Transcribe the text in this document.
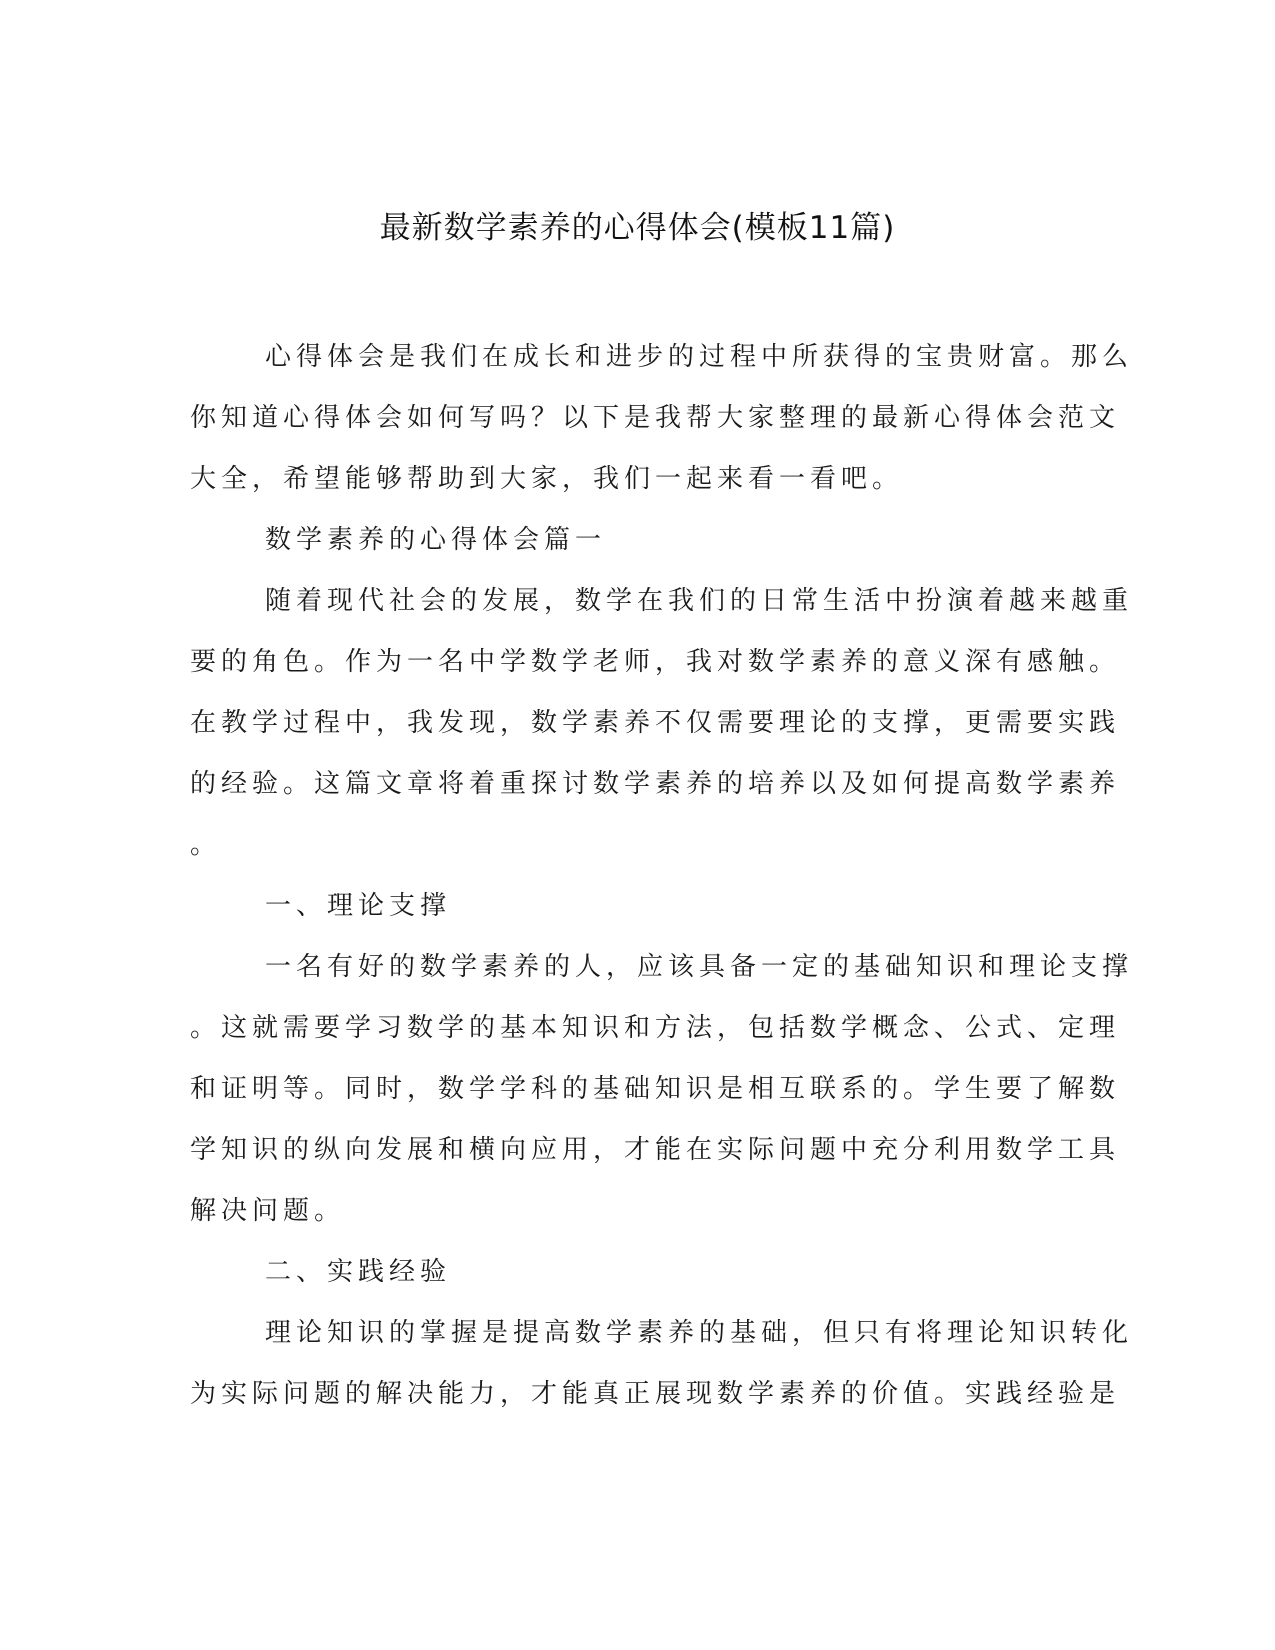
最新数学素养的心得体会(模板11篇)
心得体会是我们在成长和进步的过程中所获得的宝贵财富。那么
你知道心得体会如何写吗？以下是我帮大家整理的最新心得体会范文
大全，希望能够帮助到大家，我们一起来看一看吧。
数学素养的心得体会篇一
随着现代社会的发展，数学在我们的日常生活中扮演着越来越重
要的角色。作为一名中学数学老师，我对数学素养的意义深有感触。
在教学过程中，我发现，数学素养不仅需要理论的支撑，更需要实践
的经验。这篇文章将着重探讨数学素养的培养以及如何提高数学素养
。
一、理论支撑
一名有好的数学素养的人，应该具备一定的基础知识和理论支撑
。这就需要学习数学的基本知识和方法，包括数学概念、公式、定理
和证明等。同时，数学学科的基础知识是相互联系的。学生要了解数
学知识的纵向发展和横向应用，才能在实际问题中充分利用数学工具
解决问题。
二、实践经验
理论知识的掌握是提高数学素养的基础，但只有将理论知识转化
为实际问题的解决能力，才能真正展现数学素养的价值。实践经验是
